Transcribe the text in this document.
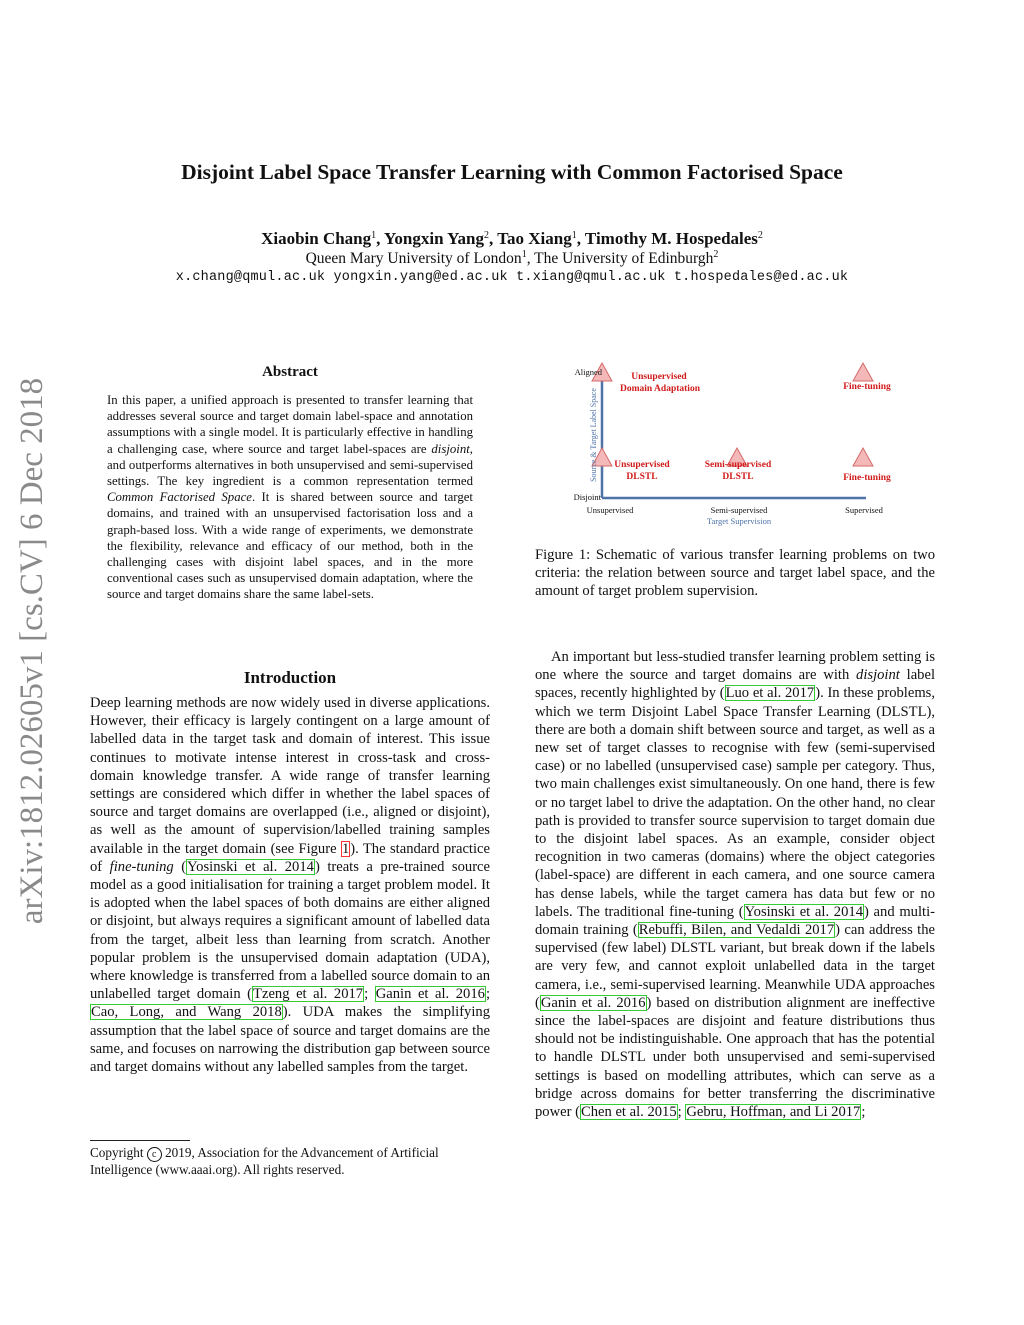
Disjoint Label Space Transfer Learning with Common Factorised Space
Xiaobin Chang$^1$, Yongxin Yang$^2$, Tao Xiang$^1$, Timothy M. Hospedales$^2$
Queen Mary University of London$^1$, The University of Edinburgh$^2$
x.chang@qmul.ac.uk yongxin.yang@ed.ac.uk t.xiang@qmul.ac.uk t.hospedales@ed.ac.uk
arXiv:1812.02605v1 [cs.CV] 6 Dec 2018
Abstract
In this paper, a unified approach is presented to transfer learning that addresses several source and target domain label-space and annotation assumptions with a single model. It is particularly effective in handling a challenging case, where source and target label-spaces are disjoint, and outperforms alternatives in both unsupervised and semi-supervised settings. The key ingredient is a common representation termed Common Factorised Space. It is shared between source and target domains, and trained with an unsupervised factorisation loss and a graph-based loss. With a wide range of experiments, we demonstrate the flexibility, relevance and efficacy of our method, both in the challenging cases with disjoint label spaces, and in the more conventional cases such as unsupervised domain adaptation, where the source and target domains share the same label-sets.
Introduction
Deep learning methods are now widely used in diverse applications. However, their efficacy is largely contingent on a large amount of labelled data in the target task and domain of interest. This issue continues to motivate intense interest in cross-task and cross-domain knowledge transfer. A wide range of transfer learning settings are considered which differ in whether the label spaces of source and target domains are overlapped (i.e., aligned or disjoint), as well as the amount of supervision/labelled training samples available in the target domain (see Figure 1). The standard practice of fine-tuning (Yosinski et al. 2014) treats a pre-trained source model as a good initialisation for training a target problem model. It is adopted when the label spaces of both domains are either aligned or disjoint, but always requires a significant amount of labelled data from the target, albeit less than learning from scratch. Another popular problem is the unsupervised domain adaptation (UDA), where knowledge is transferred from a labelled source domain to an unlabelled target domain (Tzeng et al. 2017; Ganin et al. 2016; Cao, Long, and Wang 2018). UDA makes the simplifying assumption that the label space of source and target domains are the same, and focuses on narrowing the distribution gap between source and target domains without any labelled samples from the target.
Copyright c 2019, Association for the Advancement of Artificial Intelligence (www.aaai.org). All rights reserved.
Aligned
Disjoint
Source & Target Label Space
Unsupervised	Semi-supervised	Supervised
Target Supervision
Unsupervised
Domain Adaptation	Fine-tuning
Unsupervised
DLSTL
Semi-supervised
DLSTL	Fine-tuning
Figure 1: Schematic of various transfer learning problems on two criteria: the relation between source and target label space, and the amount of target problem supervision.
An important but less-studied transfer learning problem setting is one where the source and target domains are with disjoint label spaces, recently highlighted by (Luo et al. 2017). In these problems, which we term Disjoint Label Space Transfer Learning (DLSTL), there are both a domain shift between source and target, as well as a new set of target classes to recognise with few (semi-supervised case) or no labelled (unsupervised case) sample per category. Thus, two main challenges exist simultaneously. On one hand, there is few or no target label to drive the adaptation. On the other hand, no clear path is provided to transfer source supervision to target domain due to the disjoint label spaces. As an example, consider object recognition in two cameras (domains) where the object categories (label-space) are different in each camera, and one source camera has dense labels, while the target camera has data but few or no labels. The traditional fine-tuning (Yosinski et al. 2014) and multi-domain training (Rebuffi, Bilen, and Vedaldi 2017) can address the supervised (few label) DLSTL variant, but break down if the labels are very few, and cannot exploit unlabelled data in the target camera, i.e., semi-supervised learning. Meanwhile UDA approaches (Ganin et al. 2016) based on distribution alignment are ineffective since the label-spaces are disjoint and feature distributions thus should not be indistinguishable. One approach that has the potential to handle DLSTL under both unsupervised and semi-supervised settings is based on modelling attributes, which can serve as a bridge across domains for better transferring the discriminative power (Chen et al. 2015; Gebru, Hoffman, and Li 2017;
